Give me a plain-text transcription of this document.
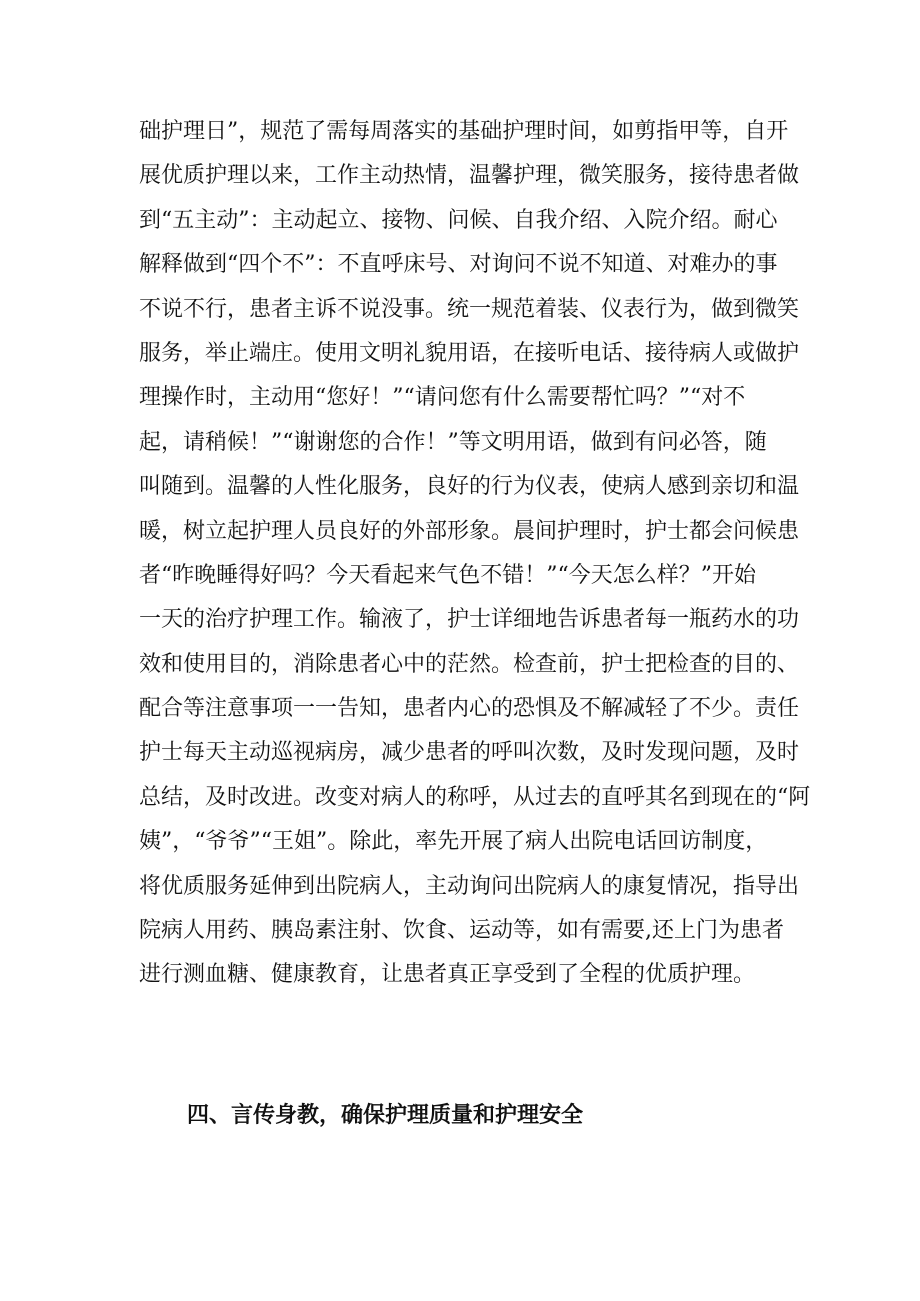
础护理日”，规范了需每周落实的基础护理时间，如剪指甲等，自开
展优质护理以来，工作主动热情，温馨护理，微笑服务，接待患者做
到“五主动”：主动起立、接物、问候、自我介绍、入院介绍。耐心
解释做到“四个不”：不直呼床号、对询问不说不知道、对难办的事
不说不行，患者主诉不说没事。统一规范着装、仪表行为，做到微笑
服务，举止端庄。使用文明礼貌用语，在接听电话、接待病人或做护
理操作时，主动用“您好！”“请问您有什么需要帮忙吗？”“对不
起，请稍候！”“谢谢您的合作！”等文明用语，做到有问必答，随
叫随到。温馨的人性化服务，良好的行为仪表，使病人感到亲切和温
暖，树立起护理人员良好的外部形象。晨间护理时，护士都会问候患
者“昨晚睡得好吗？今天看起来气色不错！”“今天怎么样？”开始
一天的治疗护理工作。输液了，护士详细地告诉患者每一瓶药水的功
效和使用目的，消除患者心中的茫然。检查前，护士把检查的目的、
配合等注意事项一一告知，患者内心的恐惧及不解减轻了不少。责任
护士每天主动巡视病房，减少患者的呼叫次数，及时发现问题，及时
总结，及时改进。改变对病人的称呼，从过去的直呼其名到现在的“阿
姨”，“爷爷”“王姐”。除此，率先开展了病人出院电话回访制度，
将优质服务延伸到出院病人，主动询问出院病人的康复情况，指导出
院病人用药、胰岛素注射、饮食、运动等，如有需要,还上门为患者
进行测血糖、健康教育，让患者真正享受到了全程的优质护理。
四、言传身教，确保护理质量和护理安全
